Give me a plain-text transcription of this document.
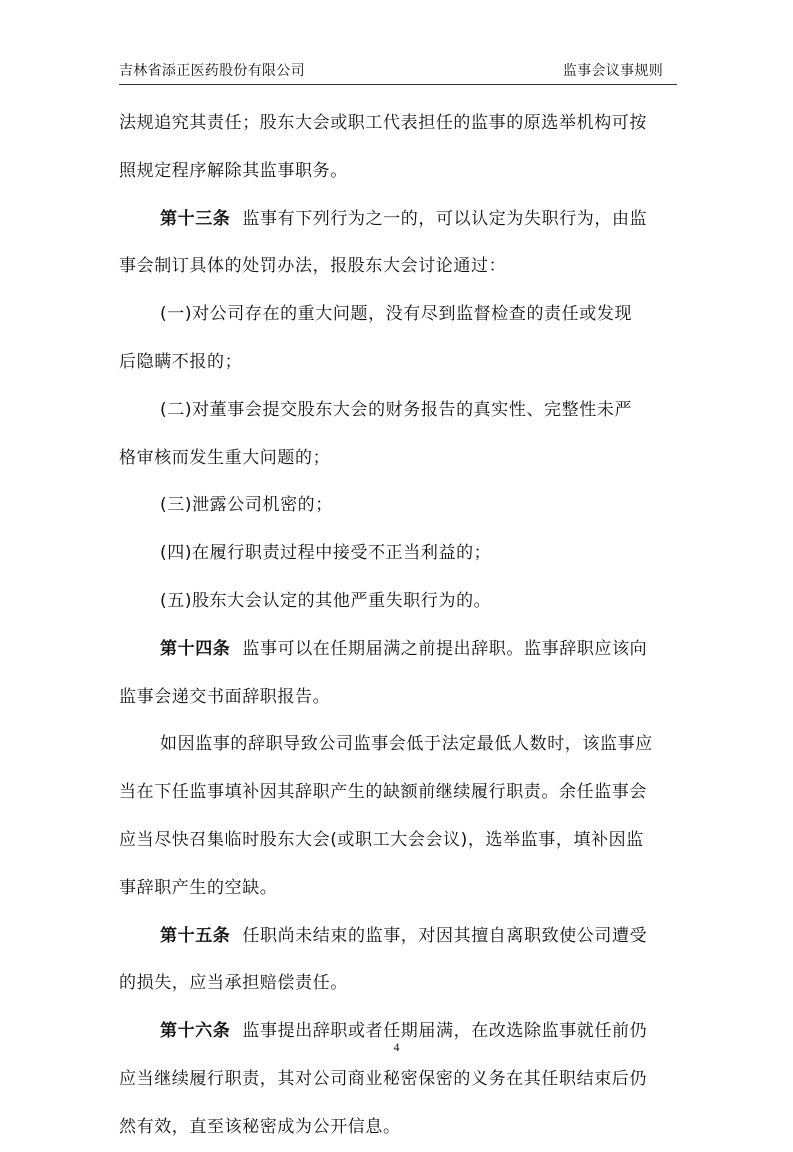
吉林省添正医药股份有限公司	监事会议事规则
法规追究其责任；股东大会或职工代表担任的监事的原选举机构可按
照规定程序解除其监事职务。
第十三条 监事有下列行为之一的，可以认定为失职行为，由监
事会制订具体的处罚办法，报股东大会讨论通过：
(一)对公司存在的重大问题，没有尽到监督检查的责任或发现
后隐瞒不报的；
(二)对董事会提交股东大会的财务报告的真实性、完整性未严
格审核而发生重大问题的；
(三)泄露公司机密的；
(四)在履行职责过程中接受不正当利益的；
(五)股东大会认定的其他严重失职行为的。
第十四条 监事可以在任期届满之前提出辞职。监事辞职应该向
监事会递交书面辞职报告。
如因监事的辞职导致公司监事会低于法定最低人数时，该监事应
当在下任监事填补因其辞职产生的缺额前继续履行职责。余任监事会
应当尽快召集临时股东大会(或职工大会会议)，选举监事，填补因监
事辞职产生的空缺。
第十五条 任职尚未结束的监事，对因其擅自离职致使公司遭受
的损失，应当承担赔偿责任。
第十六条 监事提出辞职或者任期届满，在改选除监事就任前仍
应当继续履行职责，其对公司商业秘密保密的义务在其任职结束后仍
然有效，直至该秘密成为公开信息。
4
